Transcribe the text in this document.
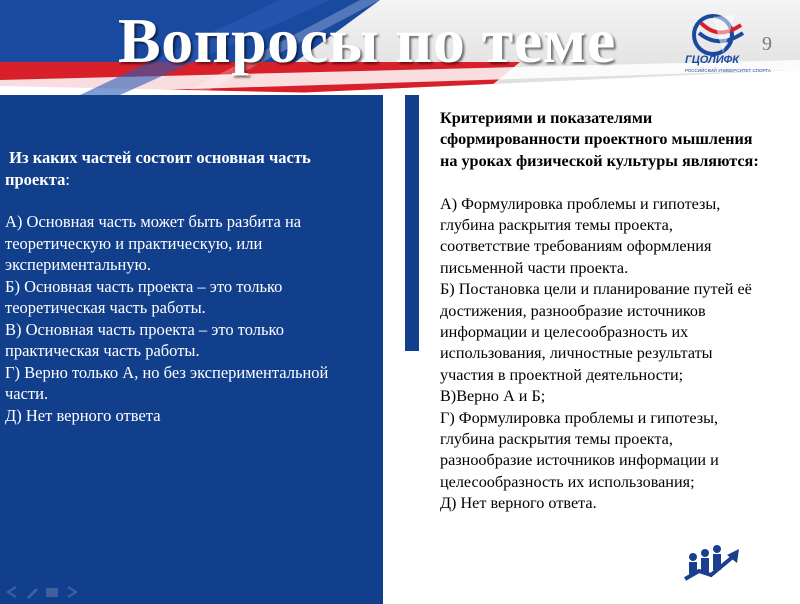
Вопросы по теме	ГЦОЛИФК
РОССИЙСКИЙ УНИВЕРСИТЕТ СПОРТА
9
Из каких частей состоит основная часть проекта:
А) Основная часть может быть разбита на теоретическую и практическую, или экспериментальную.
Б) Основная часть проекта – это только теоретическая часть работы.
В) Основная часть проекта – это только практическая часть работы.
Г) Верно только А, но без экспериментальной части.
Д) Нет верного ответа
Критериями и показателями сформированности проектного мышления на уроках физической культуры являются:
А) Формулировка проблемы и гипотезы, глубина раскрытия темы проекта, соответствие требованиям оформления письменной части проекта.
Б) Постановка цели и планирование путей её достижения, разнообразие источников информации и целесообразность их использования, личностные результаты участия в проектной деятельности;
В)Верно А и Б;
Г) Формулировка проблемы и гипотезы, глубина раскрытия темы проекта, разнообразие источников информации и целесообразность их использования;
Д) Нет верного ответа.
